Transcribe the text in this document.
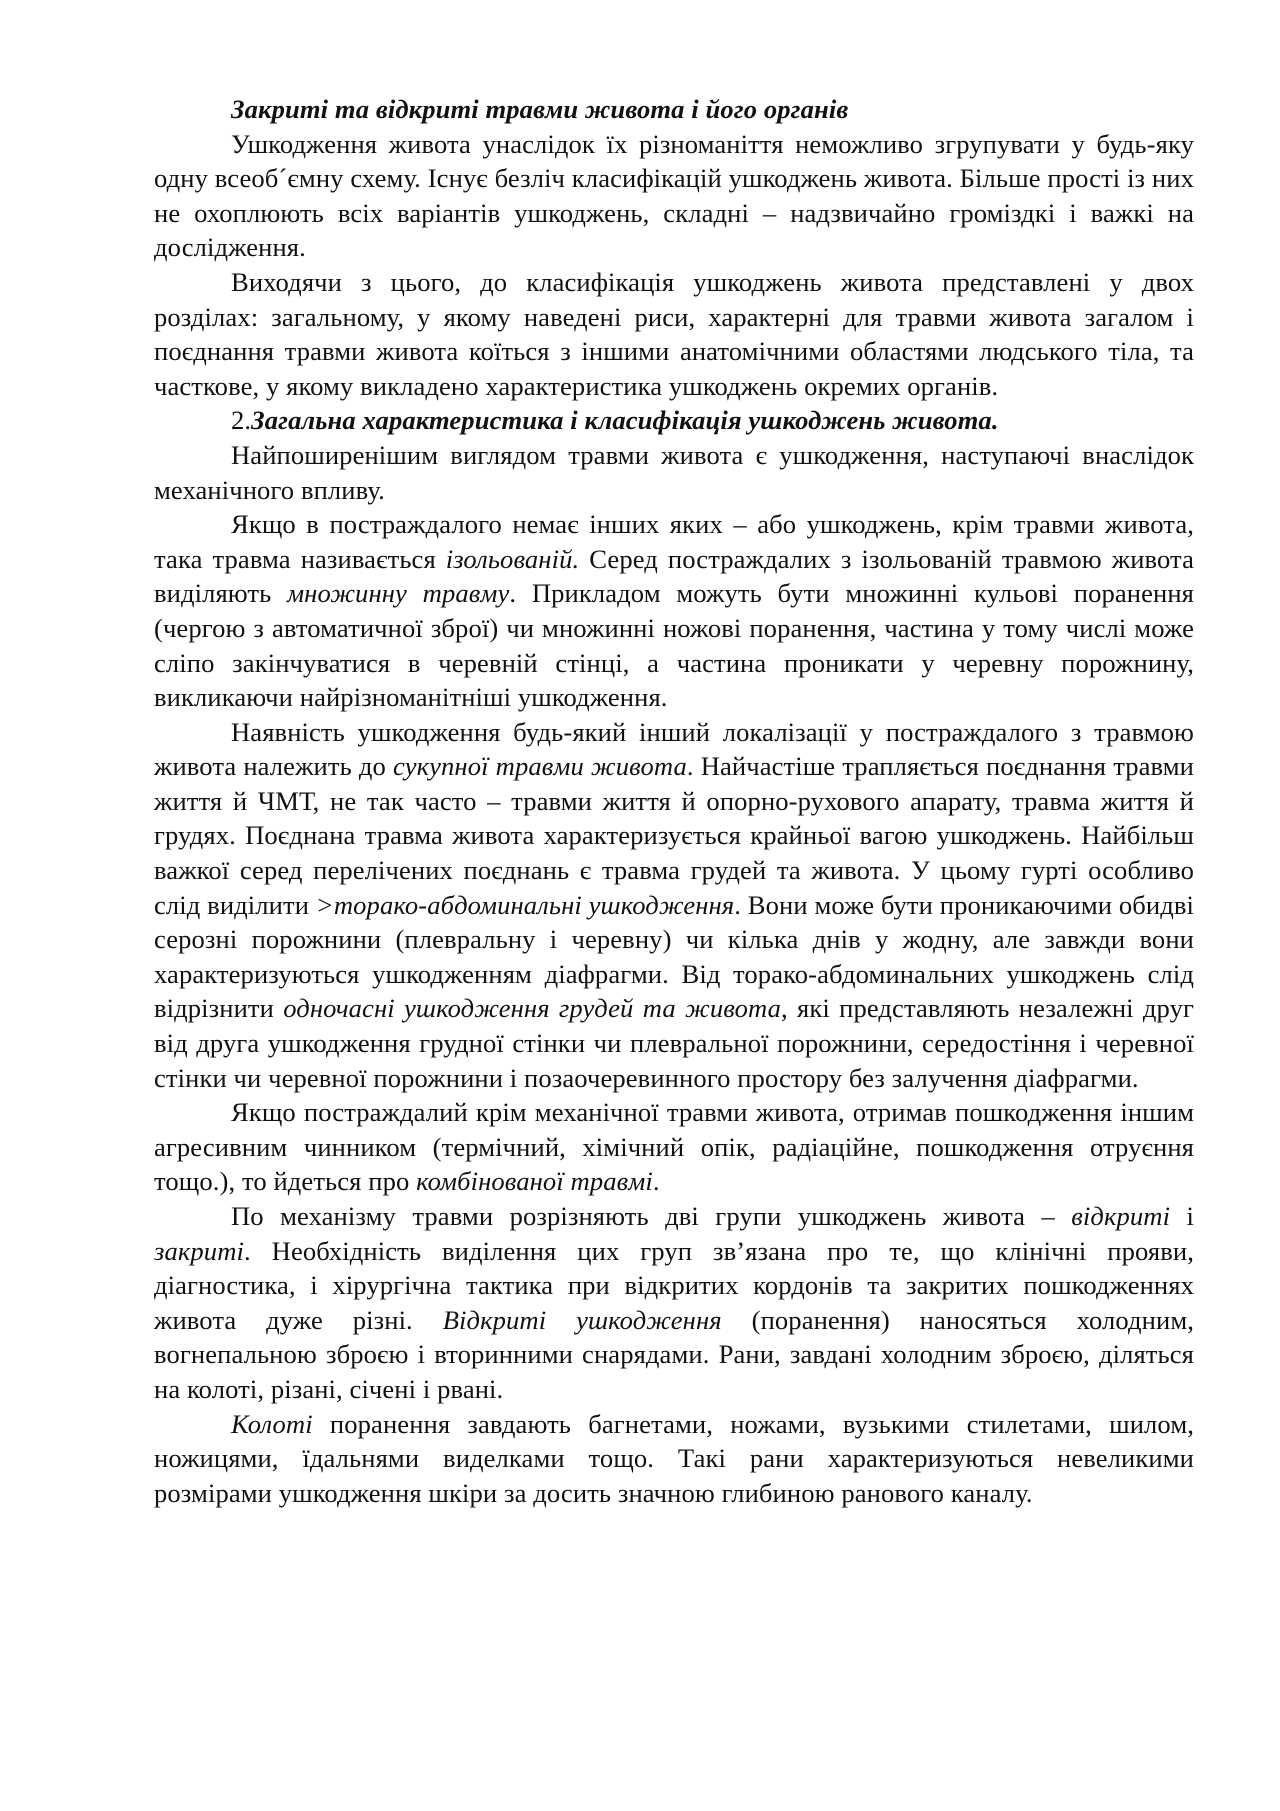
Закриті та відкриті травми живота і його органів

Ушкодження живота унаслідок їх різноманіття неможливо згрупувати у будь-яку одну всеоб´ємну схему. Існує безліч класифікацій ушкоджень живота. Більше прості із них не охоплюють всіх варіантів ушкоджень, складні – надзвичайно громіздкі і важкі на дослідження.

Виходячи з цього, до класифікація ушкоджень живота представлені у двох розділах: загальному, у якому наведені риси, характерні для травми живота загалом і поєднання травми живота коїться з іншими анатомічними областями людського тіла, та часткове, у якому викладено характеристика ушкоджень окремих органів.

2.Загальна характеристика і класифікація ушкоджень живота.

Найпоширенішим виглядом травми живота є ушкодження, наступаючі внаслідок механічного впливу.

Якщо в постраждалого немає інших яких – або ушкоджень, крім травми живота, така травма називається ізольованій. Серед постраждалих з ізольованій травмою живота виділяють множинну травму. Прикладом можуть бути множинні кульові поранення (чергою з автоматичної зброї) чи множинні ножові поранення, частина у тому числі може сліпо закінчуватися в черевній стінці, а частина проникати у черевну порожнину, викликаючи найрізноманітніші ушкодження.

Наявність ушкодження будь-який інший локалізації у постраждалого з травмою живота належить до сукупної травми живота. Найчастіше трапляється поєднання травми життя й ЧМТ, не так часто – травми життя й опорно-рухового апарату, травма життя й грудях. Поєднана травма живота характеризується крайньої вагою ушкоджень. Найбільш важкої серед перелічених поєднань є травма грудей та живота. У цьому гурті особливо слід виділити >торако-абдоминальні ушкодження. Вони може бути проникаючими обидві серозні порожнини (плевральну і черевну) чи кілька днів у жодну, але завжди вони характеризуються ушкодженням діафрагми. Від торако-абдоминальних ушкоджень слід відрізнити одночасні ушкодження грудей та живота, які представляють незалежні друг від друга ушкодження грудної стінки чи плевральної порожнини, середостіння і черевної стінки чи черевної порожнини і позаочеревинного простору без залучення діафрагми.

Якщо постраждалий крім механічної травми живота, отримав пошкодження іншим агресивним чинником (термічний, хімічний опік, радіаційне, пошкодження отруєння тощо.), то йдеться про комбінованої травмі.

По механізму травми розрізняють дві групи ушкоджень живота – відкриті і закриті. Необхідність виділення цих груп зв’язана про те, що клінічні прояви, діагностика, і хірургічна тактика при відкритих кордонів та закритих пошкодженнях живота дуже різні. Відкриті ушкодження (поранення) наносяться холодним, вогнепальною зброєю і вторинними снарядами. Рани, завдані холодним зброєю, діляться на колоті, різані, січені і рвані.

Колоті поранення завдають багнетами, ножами, вузькими стилетами, шилом, ножицями, їдальнями виделками тощо. Такі рани характеризуються невеликими розмірами ушкодження шкіри за досить значною глибиною ранового каналу.
